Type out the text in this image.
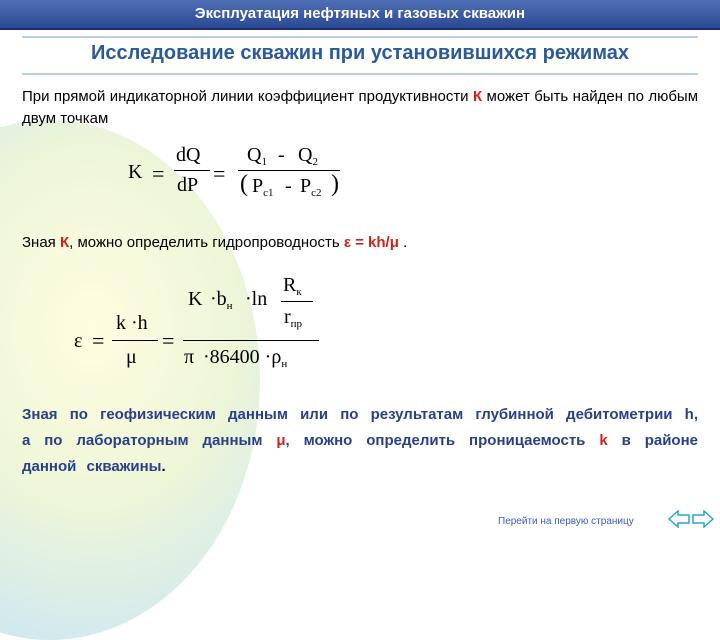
Эксплуатация нефтяных и газовых скважин
Исследование скважин при установившихся режимах
При прямой индикаторной линии коэффициент продуктивности К может быть найден по любым двум точкам
K =
dQ
dP =
$Q_1 - Q_2$
( $P_{c1} - P_{c2}$ )
Зная К, можно определить гидропроводность ε = kh/μ .
ε =
k ·h
μ
=
$K \cdot b_н \cdot\ln$
$R_к$
$r_{пр}$
$\pi \cdot 86400 \cdot\rho_н$
Зная по геофизическим данным или по результатам глубинной дебитометрии h, а по лабораторным данным μ, можно определить проницаемость k в районе данной скважины.
Перейти на первую страницу
